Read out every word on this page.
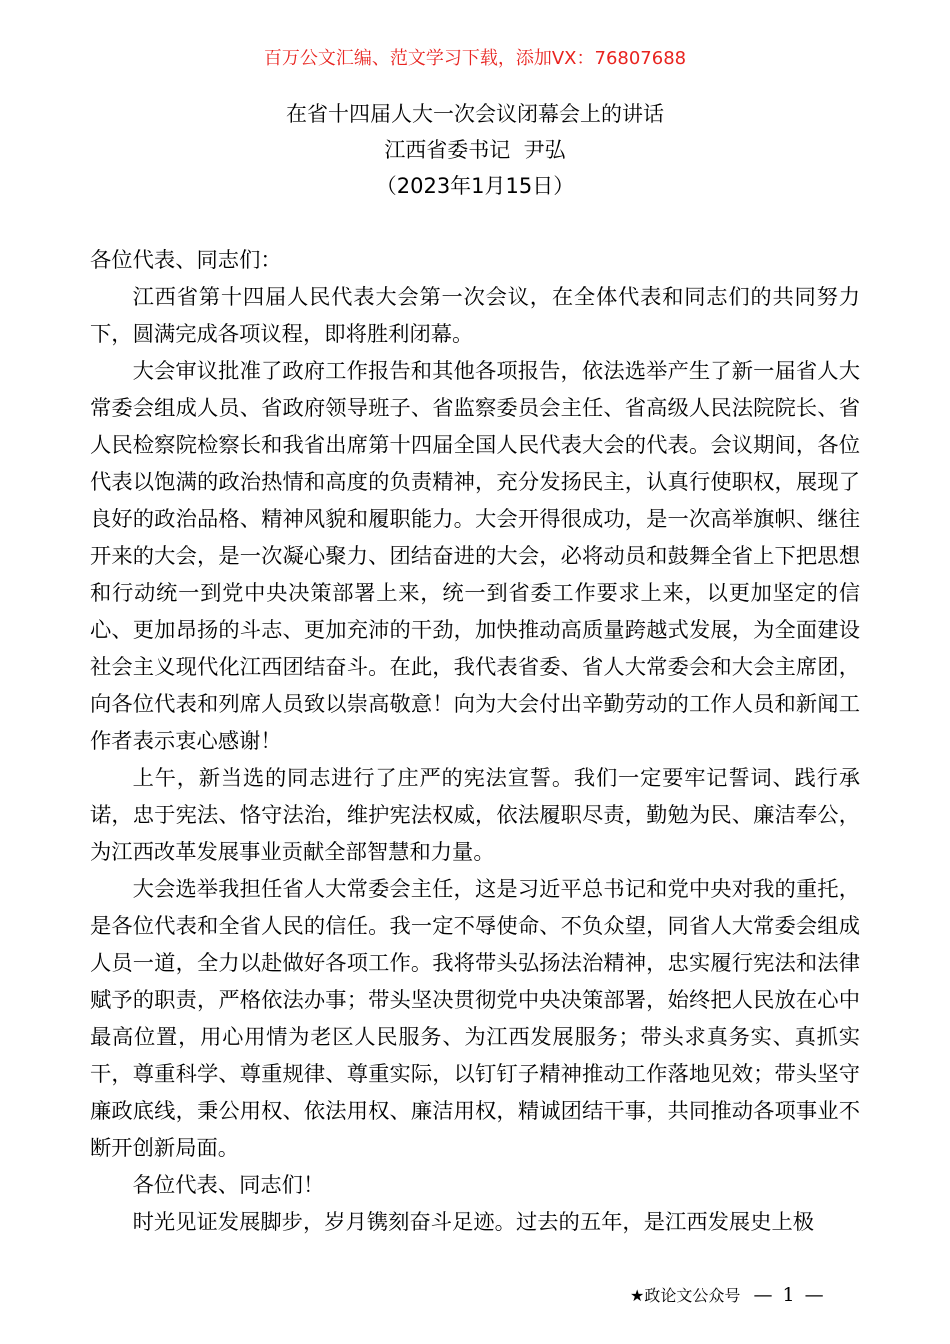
百万公文汇编、范文学习下载，添加VX：76807688
在省十四届人大一次会议闭幕会上的讲话
江西省委书记  尹弘
（2023年1月15日）

各位代表、同志们：

江西省第十四届人民代表大会第一次会议，在全体代表和同志们的共同努力下，圆满完成各项议程，即将胜利闭幕。

大会审议批准了政府工作报告和其他各项报告，依法选举产生了新一届省人大常委会组成人员、省政府领导班子、省监察委员会主任、省高级人民法院院长、省人民检察院检察长和我省出席第十四届全国人民代表大会的代表。会议期间，各位代表以饱满的政治热情和高度的负责精神，充分发扬民主，认真行使职权，展现了良好的政治品格、精神风貌和履职能力。大会开得很成功，是一次高举旗帜、继往开来的大会，是一次凝心聚力、团结奋进的大会，必将动员和鼓舞全省上下把思想和行动统一到党中央决策部署上来，统一到省委工作要求上来，以更加坚定的信心、更加昂扬的斗志、更加充沛的干劲，加快推动高质量跨越式发展，为全面建设社会主义现代化江西团结奋斗。在此，我代表省委、省人大常委会和大会主席团，向各位代表和列席人员致以崇高敬意！向为大会付出辛勤劳动的工作人员和新闻工作者表示衷心感谢！

上午，新当选的同志进行了庄严的宪法宣誓。我们一定要牢记誓词、践行承诺，忠于宪法、恪守法治，维护宪法权威，依法履职尽责，勤勉为民、廉洁奉公，为江西改革发展事业贡献全部智慧和力量。

大会选举我担任省人大常委会主任，这是习近平总书记和党中央对我的重托，是各位代表和全省人民的信任。我一定不辱使命、不负众望，同省人大常委会组成人员一道，全力以赴做好各项工作。我将带头弘扬法治精神，忠实履行宪法和法律赋予的职责，严格依法办事；带头坚决贯彻党中央决策部署，始终把人民放在心中最高位置，用心用情为老区人民服务、为江西发展服务；带头求真务实、真抓实干，尊重科学、尊重规律、尊重实际，以钉钉子精神推动工作落地见效；带头坚守廉政底线，秉公用权、依法用权、廉洁用权，精诚团结干事，共同推动各项事业不断开创新局面。

各位代表、同志们！

时光见证发展脚步，岁月镌刻奋斗足迹。过去的五年，是江西发展史上极

★政论文公众号 — 1 —
